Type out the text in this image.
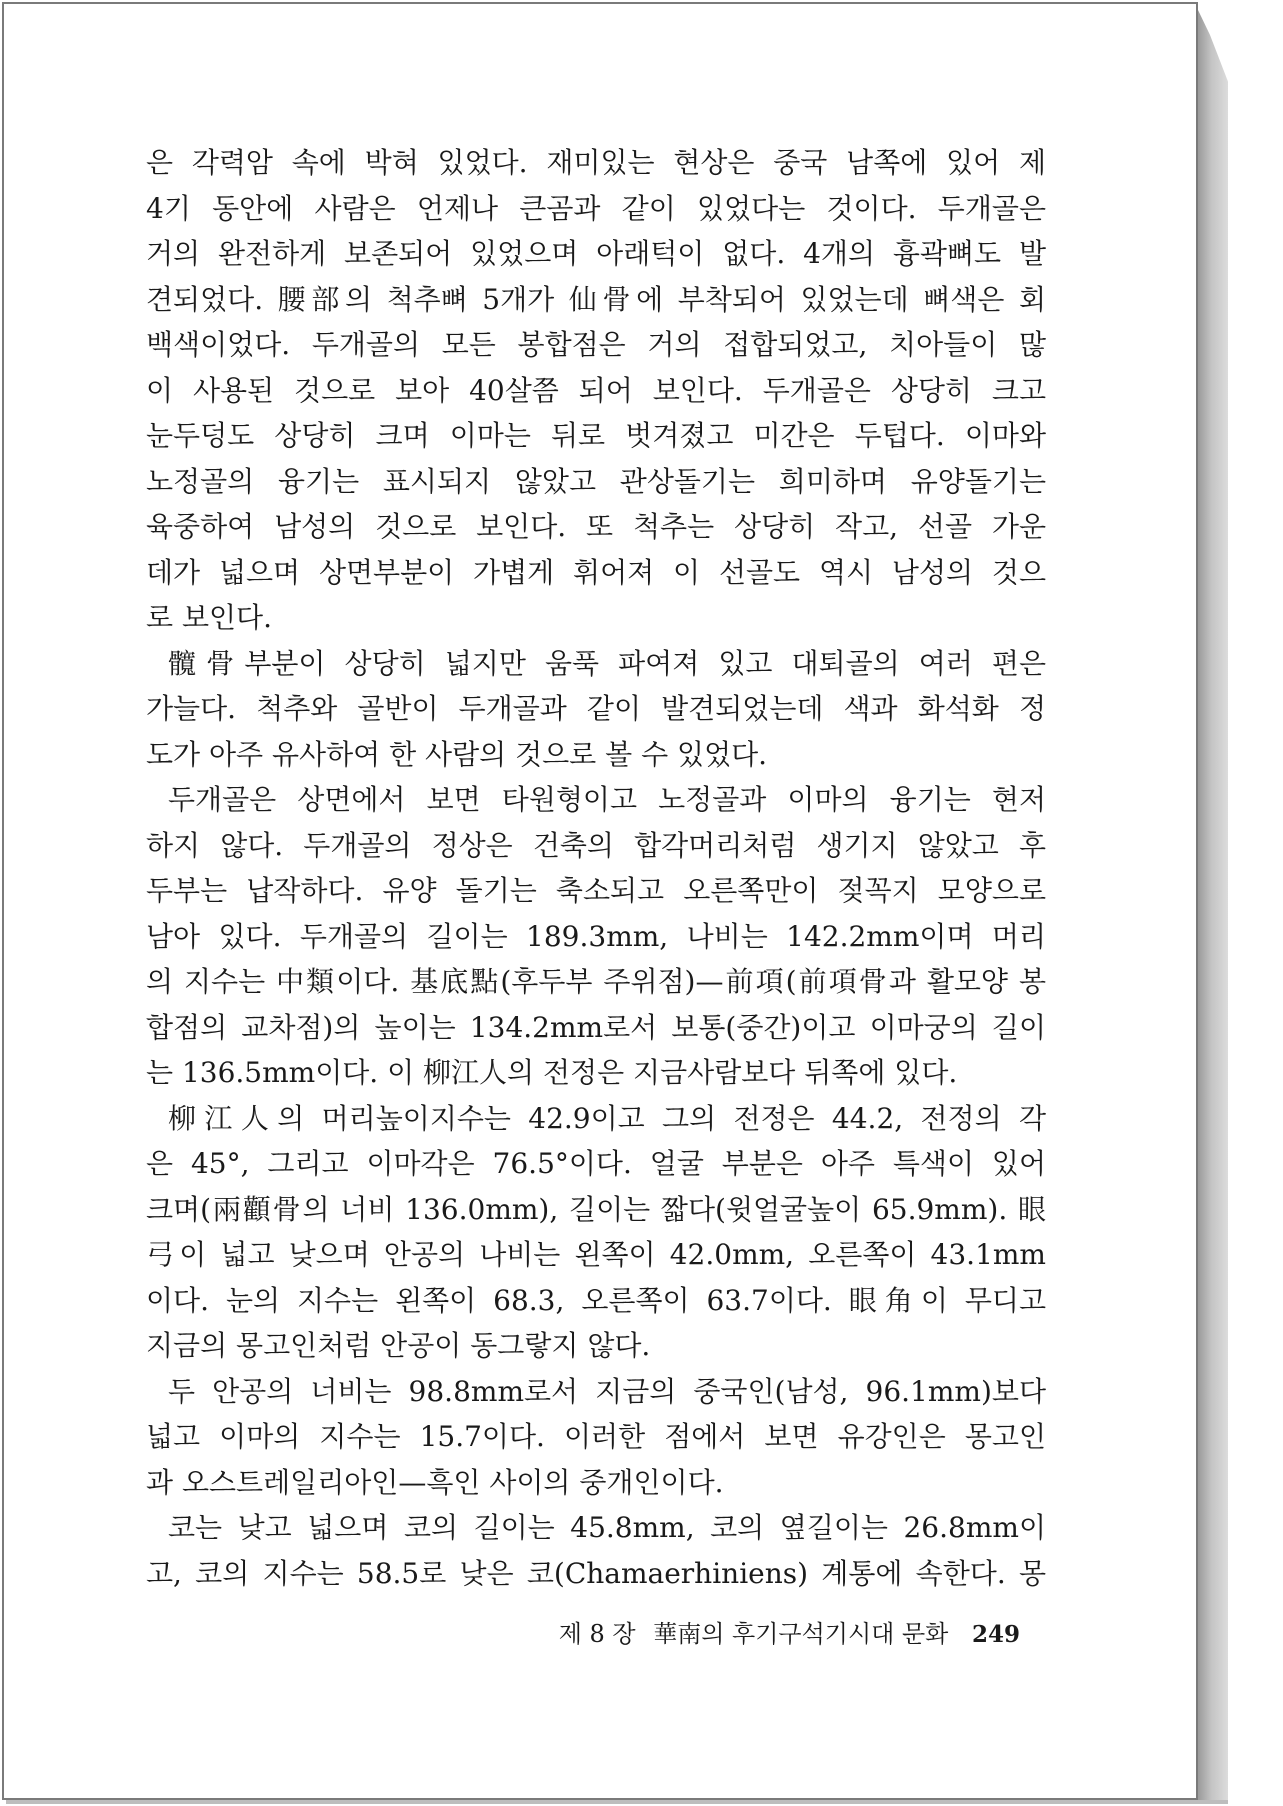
은 각력암 속에 박혀 있었다. 재미있는 현상은 중국 남쪽에 있어 제
4기 동안에 사람은 언제나 큰곰과 같이 있었다는 것이다. 두개골은
거의 완전하게 보존되어 있었으며 아래턱이 없다. 4개의 흉곽뼈도 발
견되었다. 腰部의 척추뼈 5개가 仙骨에 부착되어 있었는데 뼈색은 회
백색이었다. 두개골의 모든 봉합점은 거의 접합되었고, 치아들이 많
이 사용된 것으로 보아 40살쯤 되어 보인다. 두개골은 상당히 크고
눈두덩도 상당히 크며 이마는 뒤로 벗겨졌고 미간은 두텁다. 이마와
노정골의 융기는 표시되지 않았고 관상돌기는 희미하며 유양돌기는
육중하여 남성의 것으로 보인다. 또 척추는 상당히 작고, 선골 가운
데가 넓으며 상면부분이 가볍게 휘어져 이 선골도 역시 남성의 것으
로 보인다.
髖骨부분이 상당히 넓지만 움푹 파여져 있고 대퇴골의 여러 편은
가늘다. 척추와 골반이 두개골과 같이 발견되었는데 색과 화석화 정
도가 아주 유사하여 한 사람의 것으로 볼 수 있었다.
두개골은 상면에서 보면 타원형이고 노정골과 이마의 융기는 현저
하지 않다. 두개골의 정상은 건축의 합각머리처럼 생기지 않았고 후
두부는 납작하다. 유양 돌기는 축소되고 오른쪽만이 젖꼭지 모양으로
남아 있다. 두개골의 길이는 189.3mm, 나비는 142.2mm이며 머리
의 지수는 中類이다. 基底點(후두부 주위점)—前項(前項骨과 활모양 봉
합점의 교차점)의 높이는 134.2mm로서 보통(중간)이고 이마궁의 길이
는 136.5mm이다. 이 柳江人의 전정은 지금사람보다 뒤쪽에 있다.
柳江人의 머리높이지수는 42.9이고 그의 전정은 44.2, 전정의 각
은 45°, 그리고 이마각은 76.5°이다. 얼굴 부분은 아주 특색이 있어
크며(兩顴骨의 너비 136.0mm), 길이는 짧다(윗얼굴높이 65.9mm). 眼
弓이 넓고 낮으며 안공의 나비는 왼쪽이 42.0mm, 오른쪽이 43.1mm
이다. 눈의 지수는 왼쪽이 68.3, 오른쪽이 63.7이다. 眼角이 무디고
지금의 몽고인처럼 안공이 동그랗지 않다.
두 안공의 너비는 98.8mm로서 지금의 중국인(남성, 96.1mm)보다
넓고 이마의 지수는 15.7이다. 이러한 점에서 보면 유강인은 몽고인
과 오스트레일리아인—흑인 사이의 중개인이다.
코는 낮고 넓으며 코의 길이는 45.8mm, 코의 옆길이는 26.8mm이
고, 코의 지수는 58.5로 낮은 코(Chamaerhiniens) 계통에 속한다. 몽
제 8 장 華南의 후기구석기시대 문화 249
